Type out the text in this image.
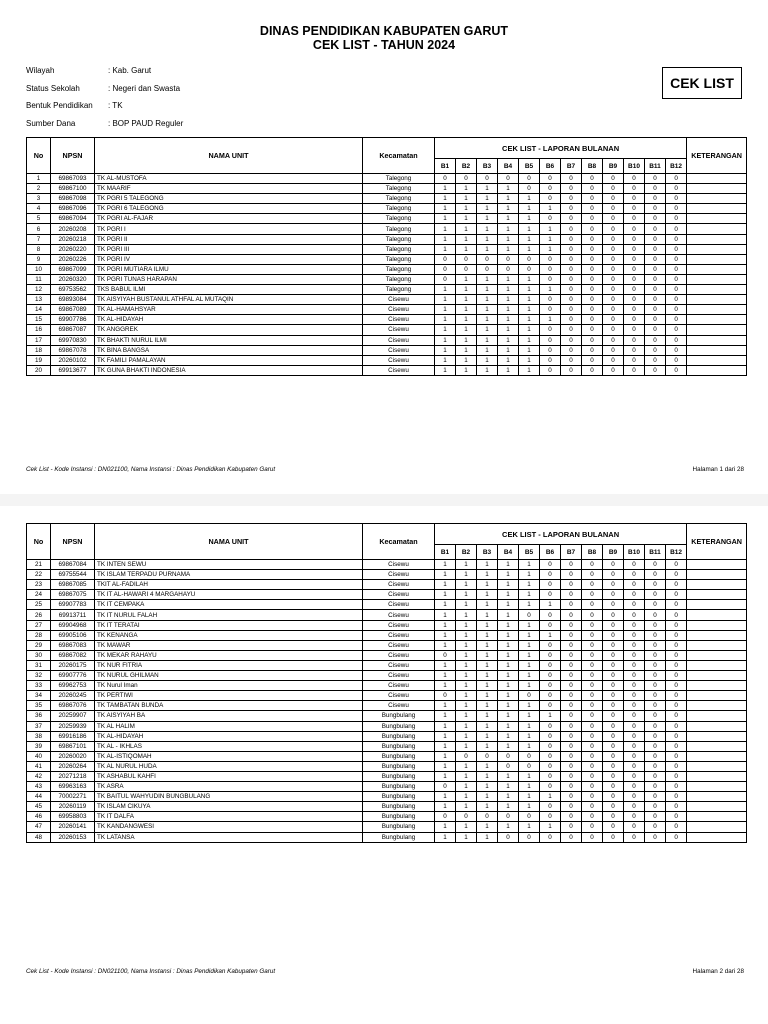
DINAS PENDIDIKAN KABUPATEN GARUT
CEK LIST - TAHUN 2024
Wilayah	: Kab. Garut
Status Sekolah	: Negeri dan Swasta
Bentuk Pendidikan	: TK
Sumber Dana	: BOP PAUD Reguler
CEK LIST
No	NPSN	NAMA UNIT	Kecamatan	CEK LIST - LAPORAN BULANAN												KETERANGAN
				B1	B2	B3	B4	B5	B6	B7	B8	B9	B10	B11	B12	
1	69867093	TK AL-MUSTOFA	Talegong	0	0	0	0	0	0	0	0	0	0	0	0	
2	69867100	TK MAARIF	Talegong	1	1	1	1	0	0	0	0	0	0	0	0	
3	69867098	TK PGRI 5 TALEGONG	Talegong	1	1	1	1	1	0	0	0	0	0	0	0	
4	69867096	TK PGRI 6 TALEGONG	Talegong	1	1	1	1	1	1	0	0	0	0	0	0	
5	69867094	TK PGRI AL-FAJAR	Talegong	1	1	1	1	1	0	0	0	0	0	0	0	
6	20260208	TK PGRI I	Talegong	1	1	1	1	1	1	0	0	0	0	0	0	
7	20260218	TK PGRI II	Talegong	1	1	1	1	1	1	0	0	0	0	0	0	
8	20260220	TK PGRI III	Talegong	1	1	1	1	1	1	0	0	0	0	0	0	
9	20260226	TK PGRI IV	Talegong	0	0	0	0	0	0	0	0	0	0	0	0	
10	69867099	TK PGRI MUTIARA ILMU	Talegong	0	0	0	0	0	0	0	0	0	0	0	0	
11	20260320	TK PGRI TUNAS HARAPAN	Talegong	0	1	1	1	1	0	0	0	0	0	0	0	
12	69753562	TKS BABUL ILMI	Talegong	1	1	1	1	1	1	0	0	0	0	0	0	
13	69893084	TK AISYIYAH BUSTANUL ATHFAL AL MUTAQIN	Cisewu	1	1	1	1	1	0	0	0	0	0	0	0	
14	69867089	TK AL-HAMAHSYAR	Cisewu	1	1	1	1	1	0	0	0	0	0	0	0	
15	69907786	TK AL-HIDAYAH	Cisewu	1	1	1	1	1	1	0	0	0	0	0	0	
16	69867087	TK ANGGREK	Cisewu	1	1	1	1	1	0	0	0	0	0	0	0	
17	69970830	TK BHAKTI NURUL ILMI	Cisewu	1	1	1	1	1	0	0	0	0	0	0	0	
18	69867078	TK BINA BANGSA	Cisewu	1	1	1	1	1	0	0	0	0	0	0	0	
19	20260102	TK FAMILI PAMALAYAN	Cisewu	1	1	1	1	1	0	0	0	0	0	0	0	
20	69913677	TK GUNA BHAKTI INDONESIA	Cisewu	1	1	1	1	1	0	0	0	0	0	0	0	
Cek List - Kode Instansi : DN021100, Nama Instansi : Dinas Pendidikan Kabupaten Garut	Halaman 1 dari 28
No	NPSN	NAMA UNIT	Kecamatan	CEK LIST - LAPORAN BULANAN												KETERANGAN
				B1	B2	B3	B4	B5	B6	B7	B8	B9	B10	B11	B12	
21	69867084	TK INTEN SEWU	Cisewu	1	1	1	1	1	0	0	0	0	0	0	0	
22	69755544	TK ISLAM TERPADU PURNAMA	Cisewu	1	1	1	1	1	0	0	0	0	0	0	0	
23	69867085	TKIT AL-FADILAH	Cisewu	1	1	1	1	1	0	0	0	0	0	0	0	
24	69867075	TK IT AL-HAWARI 4 MARGAHAYU	Cisewu	1	1	1	1	1	0	0	0	0	0	0	0	
25	69907783	TK IT CEMPAKA	Cisewu	1	1	1	1	1	1	0	0	0	0	0	0	
26	69913711	TK IT NURUL FALAH	Cisewu	1	1	1	1	0	0	0	0	0	0	0	0	
27	69904968	TK IT TERATAI	Cisewu	1	1	1	1	1	0	0	0	0	0	0	0	
28	69905106	TK KENANGA	Cisewu	1	1	1	1	1	1	0	0	0	0	0	0	
29	69867083	TK MAWAR	Cisewu	1	1	1	1	1	0	0	0	0	0	0	0	
30	69867082	TK MEKAR RAHAYU	Cisewu	0	1	1	1	1	0	0	0	0	0	0	0	
31	20260175	TK NUR FITRIA	Cisewu	1	1	1	1	1	0	0	0	0	0	0	0	
32	69907776	TK NURUL GHILMAN	Cisewu	1	1	1	1	1	0	0	0	0	0	0	0	
33	69962753	TK Nurul Iman	Cisewu	1	1	1	1	1	0	0	0	0	0	0	0	
34	20260245	TK PERTIWI	Cisewu	0	1	1	1	0	0	0	0	0	0	0	0	
35	69867076	TK TAMBATAN BUNDA	Cisewu	1	1	1	1	1	0	0	0	0	0	0	0	
36	20259907	TK AISYIYAH BA	Bungbulang	1	1	1	1	1	1	0	0	0	0	0	0	
37	20259939	TK AL HALIM	Bungbulang	1	1	1	1	1	0	0	0	0	0	0	0	
38	69916186	TK AL-HIDAYAH	Bungbulang	1	1	1	1	1	0	0	0	0	0	0	0	
39	69867101	TK AL - IKHLAS	Bungbulang	1	1	1	1	1	0	0	0	0	0	0	0	
40	20260020	TK AL-ISTIQOMAH	Bungbulang	1	0	0	0	0	0	0	0	0	0	0	0	
41	20260264	TK AL NURUL HUDA	Bungbulang	1	1	1	0	0	0	0	0	0	0	0	0	
42	20271218	TK ASHABUL KAHFI	Bungbulang	1	1	1	1	1	0	0	0	0	0	0	0	
43	69963163	TK ASRA	Bungbulang	0	1	1	1	1	0	0	0	0	0	0	0	
44	70002271	TK BAITUL WAHYUDIN BUNGBULANG	Bungbulang	1	1	1	1	1	1	0	0	0	0	0	0	
45	20260119	TK ISLAM CIKUYA	Bungbulang	1	1	1	1	1	0	0	0	0	0	0	0	
46	69958803	TK IT DALFA	Bungbulang	0	0	0	0	0	0	0	0	0	0	0	0	
47	20260141	TK KANDANGWESI	Bungbulang	1	1	1	1	1	1	0	0	0	0	0	0	
48	20260153	TK LATANSA	Bungbulang	1	1	1	0	0	0	0	0	0	0	0	0	
Cek List - Kode Instansi : DN021100, Nama Instansi : Dinas Pendidikan Kabupaten Garut	Halaman 2 dari 28
